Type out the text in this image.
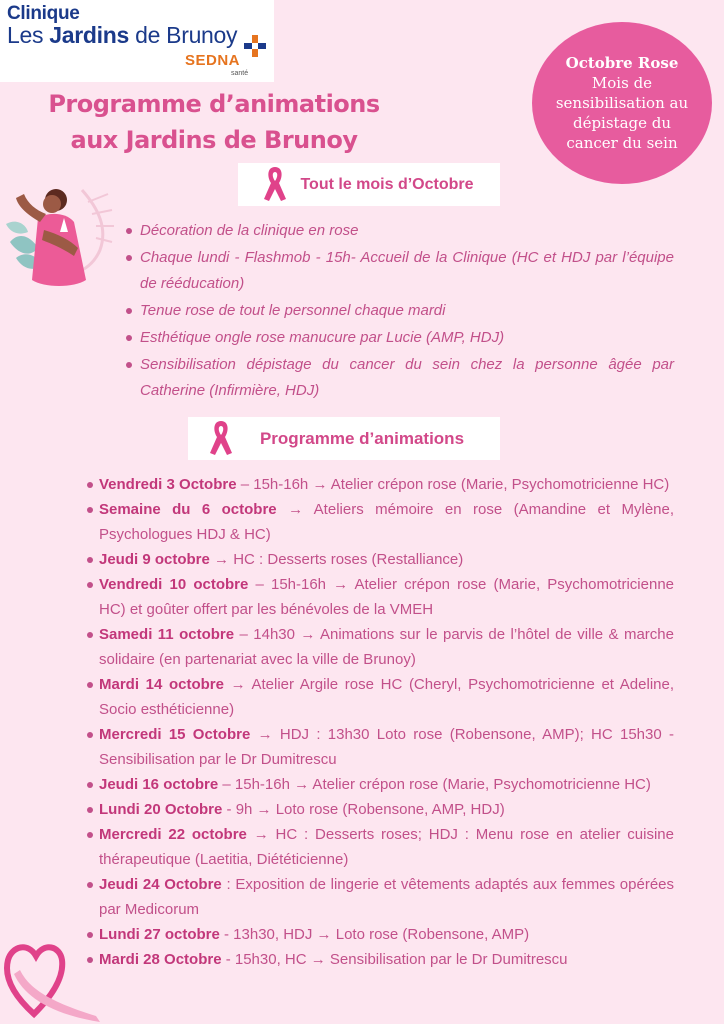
Clinique
Les Jardins de Brunoy
SEDNA
santé
Programme d’animations
aux Jardins de Brunoy
Octobre Rose
Mois de sensibilisation au dépistage du cancer du sein
Tout le mois d’Octobre
Décoration de la clinique en rose
Chaque lundi - Flashmob - 15h- Accueil de la Clinique (HC et HDJ par l’équipe de rééducation)
Tenue rose de tout le personnel chaque mardi
Esthétique ongle rose manucure par Lucie (AMP, HDJ)
Sensibilisation dépistage du cancer du sein chez la personne âgée par Catherine (Infirmière, HDJ)
Programme d’animations
Vendredi 3 Octobre – 15h-16h → Atelier crépon rose (Marie, Psychomotricienne HC)
Semaine du 6 octobre → Ateliers mémoire en rose (Amandine et Mylène, Psychologues HDJ & HC)
Jeudi 9 octobre → HC : Desserts roses (Restalliance)
Vendredi 10 octobre – 15h-16h → Atelier crépon rose (Marie, Psychomotricienne HC) et goûter offert par les bénévoles de la VMEH
Samedi 11 octobre – 14h30 → Animations sur le parvis de l’hôtel de ville & marche solidaire (en partenariat avec la ville de Brunoy)
Mardi 14 octobre → Atelier Argile rose HC (Cheryl, Psychomotricienne et Adeline, Socio esthéticienne)
Mercredi 15 Octobre → HDJ : 13h30 Loto rose (Robensone, AMP); HC 15h30 - Sensibilisation par le Dr Dumitrescu
Jeudi 16 octobre – 15h-16h → Atelier crépon rose (Marie, Psychomotricienne HC)
Lundi 20 Octobre - 9h → Loto rose (Robensone, AMP, HDJ)
Mercredi 22 octobre → HC : Desserts roses; HDJ : Menu rose en atelier cuisine thérapeutique (Laetitia, Diététicienne)
Jeudi 24 Octobre : Exposition de lingerie et vêtements adaptés aux femmes opérées par Medicorum
Lundi 27 octobre - 13h30, HDJ → Loto rose (Robensone, AMP)
Mardi 28 Octobre - 15h30, HC → Sensibilisation par le Dr Dumitrescu
